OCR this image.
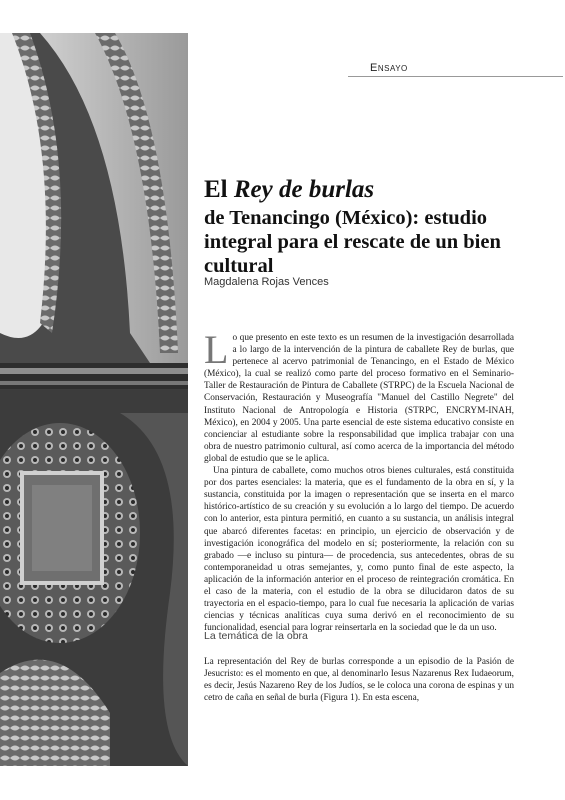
Ensayo
El Rey de burlas
de Tenancingo (México): estudio integral para el rescate de un bien cultural
Magdalena Rojas Vences

Lo que presento en este texto es un resumen de la investigación desarrollada a lo largo de la intervención de la pintura de caballete Rey de burlas, que pertenece al acervo patrimonial de Tenancingo, en el Estado de México (México), la cual se realizó como parte del proceso formativo en el Seminario-Taller de Restauración de Pintura de Caballete (STRPC) de la Escuela Nacional de Conservación, Restauración y Museografía "Manuel del Castillo Negrete" del Instituto Nacional de Antropología e Historia (STRPC, ENCRYM-INAH, México), en 2004 y 2005. Una parte esencial de este sistema educativo consiste en concienciar al estudiante sobre la responsabilidad que implica trabajar con una obra de nuestro patrimonio cultural, así como acerca de la importancia del método global de estudio que se le aplica.

Una pintura de caballete, como muchos otros bienes culturales, está constituida por dos partes esenciales: la materia, que es el fundamento de la obra en sí, y la sustancia, constituida por la imagen o representación que se inserta en el marco histórico-artístico de su creación y su evolución a lo largo del tiempo. De acuerdo con lo anterior, esta pintura permitió, en cuanto a su sustancia, un análisis integral que abarcó diferentes facetas: en principio, un ejercicio de observación y de investigación iconográfica del modelo en sí; posteriormente, la relación con su grabado —e incluso su pintura— de procedencia, sus antecedentes, obras de su contemporaneidad u otras semejantes, y, como punto final de este aspecto, la aplicación de la información anterior en el proceso de reintegración cromática. En el caso de la materia, con el estudio de la obra se dilucidaron datos de su trayectoria en el espacio-tiempo, para lo cual fue necesaria la aplicación de varias ciencias y técnicas analíticas cuya suma derivó en el reconocimiento de su funcionalidad, esencial para lograr reinsertarla en la sociedad que le da un uso.

La temática de la obra

La representación del Rey de burlas corresponde a un episodio de la Pasión de Jesucristo: es el momento en que, al denominarlo Iesus Nazarenus Rex Iudaeorum, es decir, Jesús Nazareno Rey de los Judíos, se le coloca una corona de espinas y un cetro de caña en señal de burla (Figura 1). En esta escena,
